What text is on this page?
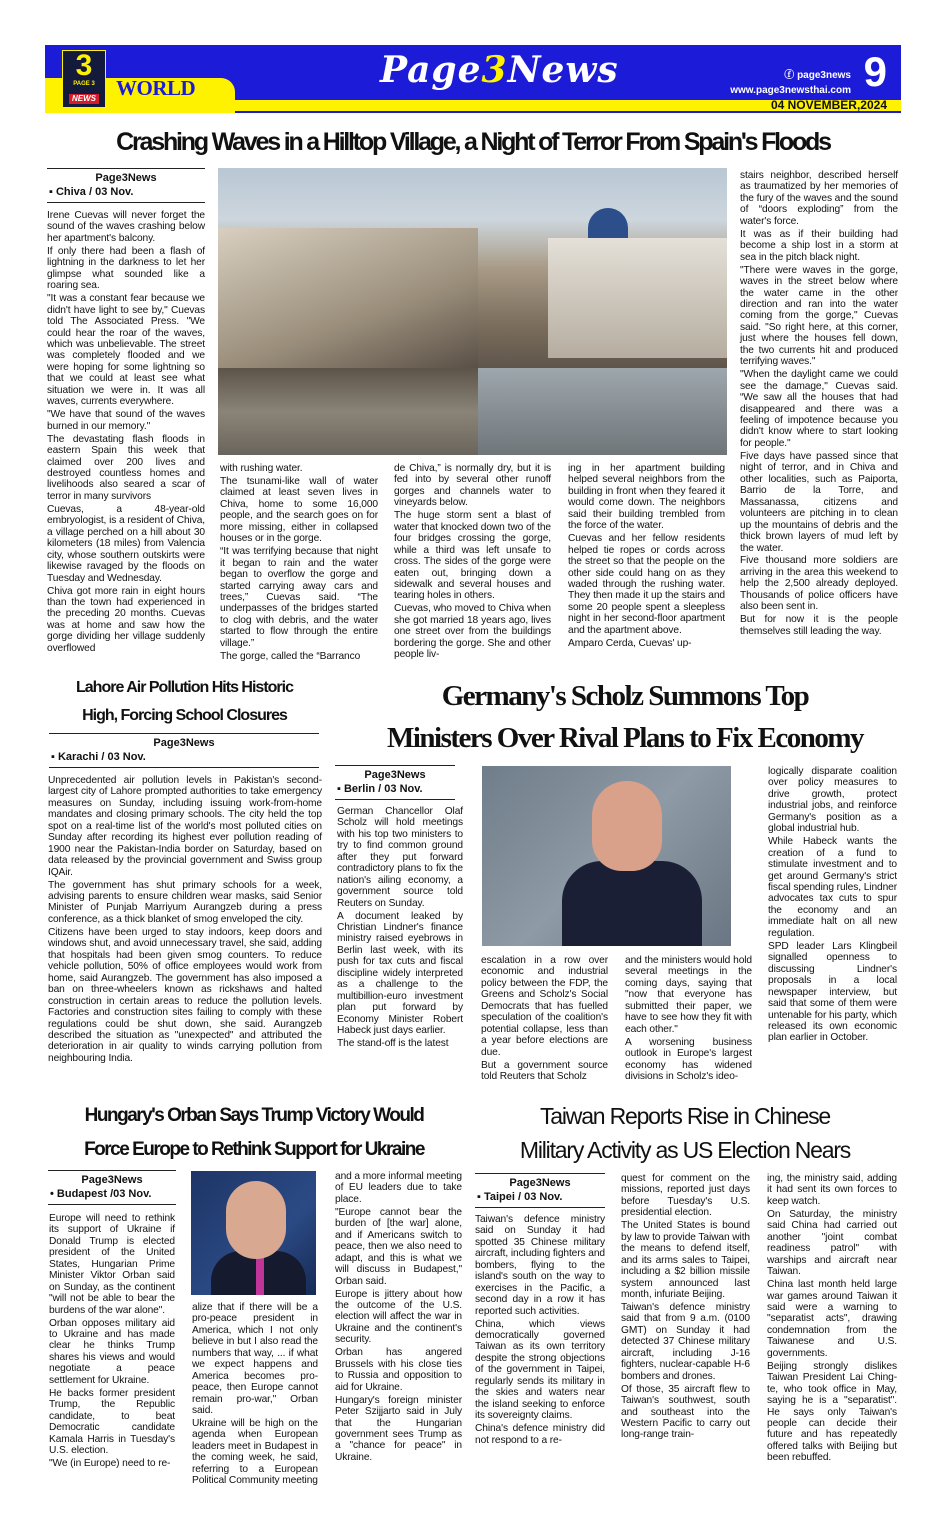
3
PAGE 3
NEWS WORLD	Page3News	ⓕ page3news
www.page3newsthai.com 9
04 NOVEMBER,2024
Crashing Waves in a Hilltop Village, a Night of Terror From Spain's Floods
Page3News
▪ Chiva / 03 Nov.

Irene Cuevas will never forget the sound of the waves crashing below her apartment's balcony.

If only there had been a flash of lightning in the darkness to let her glimpse what sounded like a roaring sea.

"It was a constant fear because we didn't have light to see by," Cuevas told The Associated Press. "We could hear the roar of the waves, which was unbelievable. The street was completely flooded and we were hoping for some lightning so that we could at least see what situation we were in. It was all waves, currents everywhere.

"We have that sound of the waves burned in our memory."

The devastating flash floods in eastern Spain this week that claimed over 200 lives and destroyed countless homes and livelihoods also seared a scar of terror in many survivors

Cuevas, a 48-year-old embryologist, is a resident of Chiva, a village perched on a hill about 30 kilometers (18 miles) from Valencia city, whose southern outskirts were likewise ravaged by the floods on Tuesday and Wednesday.

Chiva got more rain in eight hours than the town had experienced in the preceding 20 months. Cuevas was at home and saw how the gorge dividing her village suddenly overflowed

with rushing water.

The tsunami-like wall of water claimed at least seven lives in Chiva, home to some 16,000 people, and the search goes on for more missing, either in collapsed houses or in the gorge.

“It was terrifying because that night it began to rain and the water began to overflow the gorge and started carrying away cars and trees,” Cuevas said. “The underpasses of the bridges started to clog with debris, and the water started to flow through the entire village.”

The gorge, called the “Barranco

de Chiva,” is normally dry, but it is fed into by several other runoff gorges and channels water to vineyards below.

The huge storm sent a blast of water that knocked down two of the four bridges crossing the gorge, while a third was left unsafe to cross. The sides of the gorge were eaten out, bringing down a sidewalk and several houses and tearing holes in others.

Cuevas, who moved to Chiva when she got married 18 years ago, lives one street over from the buildings bordering the gorge. She and other people liv-

ing in her apartment building helped several neighbors from the building in front when they feared it would come down. The neighbors said their building trembled from the force of the water.

Cuevas and her fellow residents helped tie ropes or cords across the street so that the people on the other side could hang on as they waded through the rushing water. They then made it up the stairs and some 20 people spent a sleepless night in her second-floor apartment and the apartment above.

Amparo Cerda, Cuevas' up-

stairs neighbor, described herself as traumatized by her memories of the fury of the waves and the sound of “doors exploding” from the water's force.

It was as if their building had become a ship lost in a storm at sea in the pitch black night.

"There were waves in the gorge, waves in the street below where the water came in the other direction and ran into the water coming from the gorge," Cuevas said. "So right here, at this corner, just where the houses fell down, the two currents hit and produced terrifying waves."

"When the daylight came we could see the damage," Cuevas said. “We saw all the houses that had disappeared and there was a feeling of impotence because you didn't know where to start looking for people."

Five days have passed since that night of terror, and in Chiva and other localities, such as Paiporta, Barrio de la Torre, and Massanassa, citizens and volunteers are pitching in to clean up the mountains of debris and the thick brown layers of mud left by the water.

Five thousand more soldiers are arriving in the area this weekend to help the 2,500 already deployed. Thousands of police officers have also been sent in.

But for now it is the people themselves still leading the way.

Lahore Air Pollution Hits Historic
High, Forcing School Closures
Page3News
▪ Karachi / 03 Nov.

Unprecedented air pollution levels in Pakistan's second-largest city of Lahore prompted authorities to take emergency measures on Sunday, including issuing work-from-home mandates and closing primary schools. The city held the top spot on a real-time list of the world's most polluted cities on Sunday after recording its highest ever pollution reading of 1900 near the Pakistan-India border on Saturday, based on data released by the provincial government and Swiss group IQAir.

The government has shut primary schools for a week, advising parents to ensure children wear masks, said Senior Minister of Punjab Marriyum Aurangzeb during a press conference, as a thick blanket of smog enveloped the city.

Citizens have been urged to stay indoors, keep doors and windows shut, and avoid unnecessary travel, she said, adding that hospitals had been given smog counters. To reduce vehicle pollution, 50% of office employees would work from home, said Aurangzeb. The government has also imposed a ban on three-wheelers known as rickshaws and halted construction in certain areas to reduce the pollution levels. Factories and construction sites failing to comply with these regulations could be shut down, she said. Aurangzeb described the situation as "unexpected" and attributed the deterioration in air quality to winds carrying pollution from neighbouring India.

Germany's Scholz Summons Top
Ministers Over Rival Plans to Fix Economy
Page3News
▪ Berlin / 03 Nov.

German Chancellor Olaf Scholz will hold meetings with his top two ministers to try to find common ground after they put forward contradictory plans to fix the nation's ailing economy, a government source told Reuters on Sunday.

A document leaked by Christian Lindner's finance ministry raised eyebrows in Berlin last week, with its push for tax cuts and fiscal discipline widely interpreted as a challenge to the multibillion-euro investment plan put forward by Economy Minister Robert Habeck just days earlier.

The stand-off is the latest

escalation in a row over economic and industrial policy between the FDP, the Greens and Scholz's Social Democrats that has fuelled speculation of the coalition's potential collapse, less than a year before elections are due.

But a government source told Reuters that Scholz

and the ministers would hold several meetings in the coming days, saying that "now that everyone has submitted their paper, we have to see how they fit with each other."

A worsening business outlook in Europe's largest economy has widened divisions in Scholz's ideo-

logically disparate coalition over policy measures to drive growth, protect industrial jobs, and reinforce Germany's position as a global industrial hub.

While Habeck wants the creation of a fund to stimulate investment and to get around Germany's strict fiscal spending rules, Lindner advocates tax cuts to spur the economy and an immediate halt on all new regulation.

SPD leader Lars Klingbeil signalled openness to discussing Lindner's proposals in a local newspaper interview, but said that some of them were untenable for his party, which released its own economic plan earlier in October.

Hungary's Orban Says Trump Victory Would
Force Europe to Rethink Support for Ukraine
Page3News
• Budapest /03 Nov.

Europe will need to rethink its support of Ukraine if Donald Trump is elected president of the United States, Hungarian Prime Minister Viktor Orban said on Sunday, as the continent "will not be able to bear the burdens of the war alone".

Orban opposes military aid to Ukraine and has made clear he thinks Trump shares his views and would negotiate a peace settlement for Ukraine.

He backs former president Trump, the Republic candidate, to beat Democratic candidate Kamala Harris in Tuesday's U.S. election.

"We (in Europe) need to re-

alize that if there will be a pro-peace president in America, which I not only believe in but I also read the numbers that way, ... if what we expect happens and America becomes pro-peace, then Europe cannot remain pro-war," Orban said.

Ukraine will be high on the agenda when European leaders meet in Budapest in the coming week, he said, referring to a European Political Community meeting

and a more informal meeting of EU leaders due to take place.

"Europe cannot bear the burden of [the war] alone, and if Americans switch to peace, then we also need to adapt, and this is what we will discuss in Budapest," Orban said.

Europe is jittery about how the outcome of the U.S. election will affect the war in Ukraine and the continent's security.

Orban has angered Brussels with his close ties to Russia and opposition to aid for Ukraine.

Hungary's foreign minister Peter Szijjarto said in July that the Hungarian government sees Trump as a "chance for peace" in Ukraine.

Taiwan Reports Rise in Chinese
Military Activity as US Election Nears
Page3News
▪ Taipei / 03 Nov.

Taiwan's defence ministry said on Sunday it had spotted 35 Chinese military aircraft, including fighters and bombers, flying to the island's south on the way to exercises in the Pacific, a second day in a row it has reported such activities.

China, which views democratically governed Taiwan as its own territory despite the strong objections of the government in Taipei, regularly sends its military in the skies and waters near the island seeking to enforce its sovereignty claims.

China's defence ministry did not respond to a re-

quest for comment on the missions, reported just days before Tuesday's U.S. presidential election.

The United States is bound by law to provide Taiwan with the means to defend itself, and its arms sales to Taipei, including a $2 billion missile system announced last month, infuriate Beijing.

Taiwan's defence ministry said that from 9 a.m. (0100 GMT) on Sunday it had detected 37 Chinese military aircraft, including J-16 fighters, nuclear-capable H-6 bombers and drones.

Of those, 35 aircraft flew to Taiwan's southwest, south and southeast into the Western Pacific to carry out long-range train-

ing, the ministry said, adding it had sent its own forces to keep watch.

On Saturday, the ministry said China had carried out another "joint combat readiness patrol" with warships and aircraft near Taiwan.

China last month held large war games around Taiwan it said were a warning to "separatist acts", drawing condemnation from the Taiwanese and U.S. governments.

Beijing strongly dislikes Taiwan President Lai Ching-te, who took office in May, saying he is a "separatist". He says only Taiwan's people can decide their future and has repeatedly offered talks with Beijing but been rebuffed.
